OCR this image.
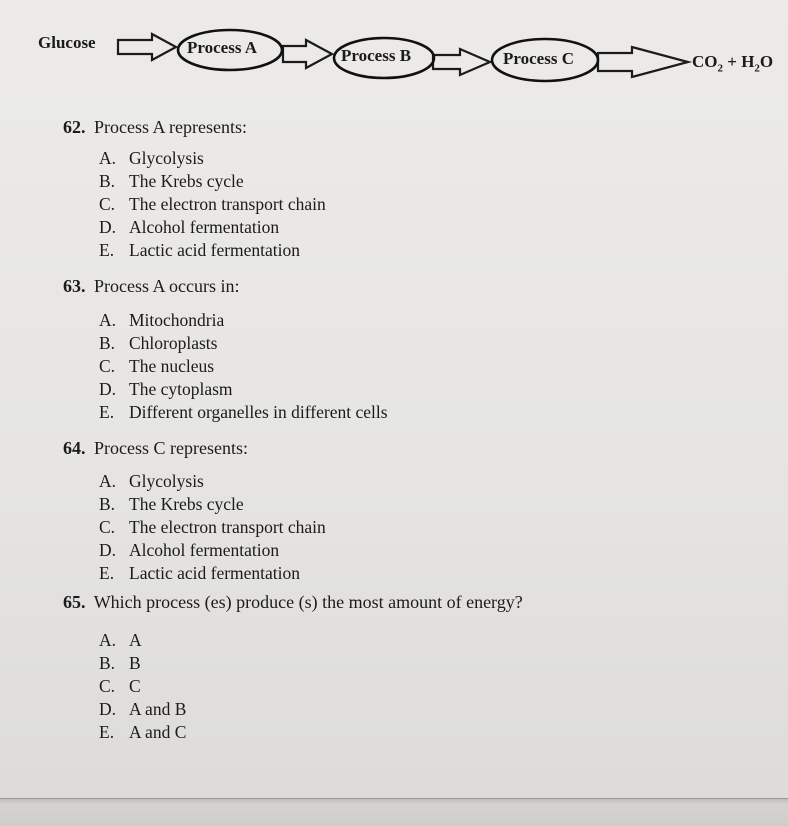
Glucose	Process A	Process B	Process C	$CO_2 + H_2O$
62. Process A represents:
A. Glycolysis
B. The Krebs cycle
C. The electron transport chain
D. Alcohol fermentation
E. Lactic acid fermentation
63. Process A occurs in:
A. Mitochondria
B. Chloroplasts
C. The nucleus
D. The cytoplasm
E. Different organelles in different cells
64. Process C represents:
A. Glycolysis
B. The Krebs cycle
C. The electron transport chain
D. Alcohol fermentation
E. Lactic acid fermentation
65. Which process (es) produce (s) the most amount of energy?
A. A
B. B
C. C
D. A and B
E. A and C
